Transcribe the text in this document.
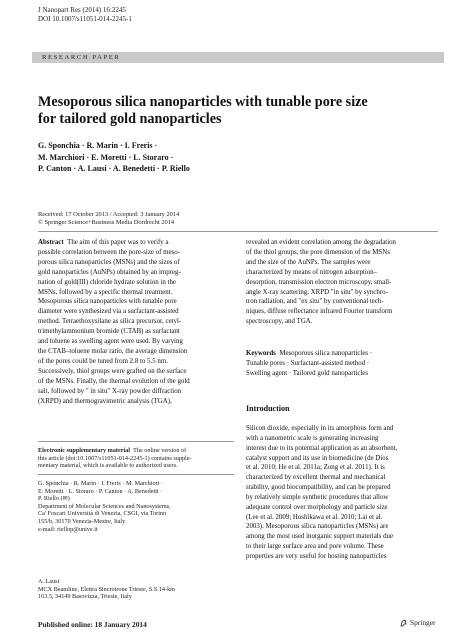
J Nanopart Res (2014) 16:2245
DOI 10.1007/s11051-014-2245-1
RESEARCH PAPER
Mesoporous silica nanoparticles with tunable pore size
for tailored gold nanoparticles
G. Sponchia · R. Marin · I. Freris ·
M. Marchiori · E. Moretti · L. Storaro ·
P. Canton · A. Lausi · A. Benedetti · P. Riello
Received: 17 October 2013 / Accepted: 3 January 2014
© Springer Science+Business Media Dordrecht 2014
Abstract The aim of this paper was to verify a
possible correlation between the pore-size of meso-
porous silica nanoparticles (MSNs) and the sizes of
gold nanoparticles (AuNPs) obtained by an impreg-
nation of gold(III) chloride hydrate solution in the
MSNs, followed by a specific thermal treatment.
Mesoporous silica nanoparticles with tunable pore
diameter were synthesized via a surfactant-assisted
method. Tetraethoxysilane as silica precursor, cetyl-
trimethylammonium bromide (CTAB) as surfactant
and toluene as swelling agent were used. By varying
the CTAB–toluene molar ratio, the average dimension
of the pores could be tuned from 2.8 to 5.5 nm.
Successively, thiol groups were grafted on the surface
of the MSNs. Finally, the thermal evolution of the gold
salt, followed by " in situ" X-ray powder diffraction
(XRPD) and thermogravimetric analysis (TGA),
revealed an evident correlation among the degradation
of the thiol groups, the pore dimension of the MSNs
and the size of the AuNPs. The samples were
characterized by means of nitrogen adsorption–
desorption, transmission electron microscopy, small-
angle X-ray scattering, XRPD "in situ" by synchro-
tron radiation, and "ex situ" by conventional tech-
niques, diffuse reflectance infrared Fourier transform
spectroscopy, and TGA.
Keywords Mesoporous silica nanoparticles ·
Tunable pores · Surfactant-assisted method ·
Swelling agent · Tailored gold nanoparticles
Introduction
Silicon dioxide, especially in its amorphous form and
with a nanometric scale is generating increasing
interest due to its potential application as an absorbent,
catalyst support and its use in biomedicine (de Dios
et al. 2010; He et al. 2011a; Zong et al. 2011). It is
characterized by excellent thermal and mechanical
stability, good biocompatibility, and can be prepared
by relatively simple synthetic procedures that allow
adequate control over morphology and particle size
(Lee et al. 2009; Hoshikawa et al. 2010; Lai et al.
2003). Mesoporous silica nanoparticles (MSNs) are
among the most used inorganic support materials due
to their large surface area and pore volume. These
properties are very useful for hosting nanoparticles
Electronic supplementary material The online version of
this article (doi:10.1007/s11051-014-2245-1) contains supple-
mentary material, which is available to authorized users.
G. Sponchia · R. Marin · I. Freris · M. Marchiori ·
E. Moretti · L. Storaro · P. Canton · A. Benedetti ·
P. Riello (✉)
Department of Molecular Sciences and Nanosystems,
Ca' Foscari Università di Venezia, CSGI, via Torino
155/b, 30170 Venezia-Mestre, Italy
e-mail: riellop@unive.it
A. Lausi
MCX Beamline, Elettra Sincrotrone Trieste, S.S.14-km
163.5, 34149 Basovizza, Trieste, Italy
Published online: 18 January 2014	Springer
